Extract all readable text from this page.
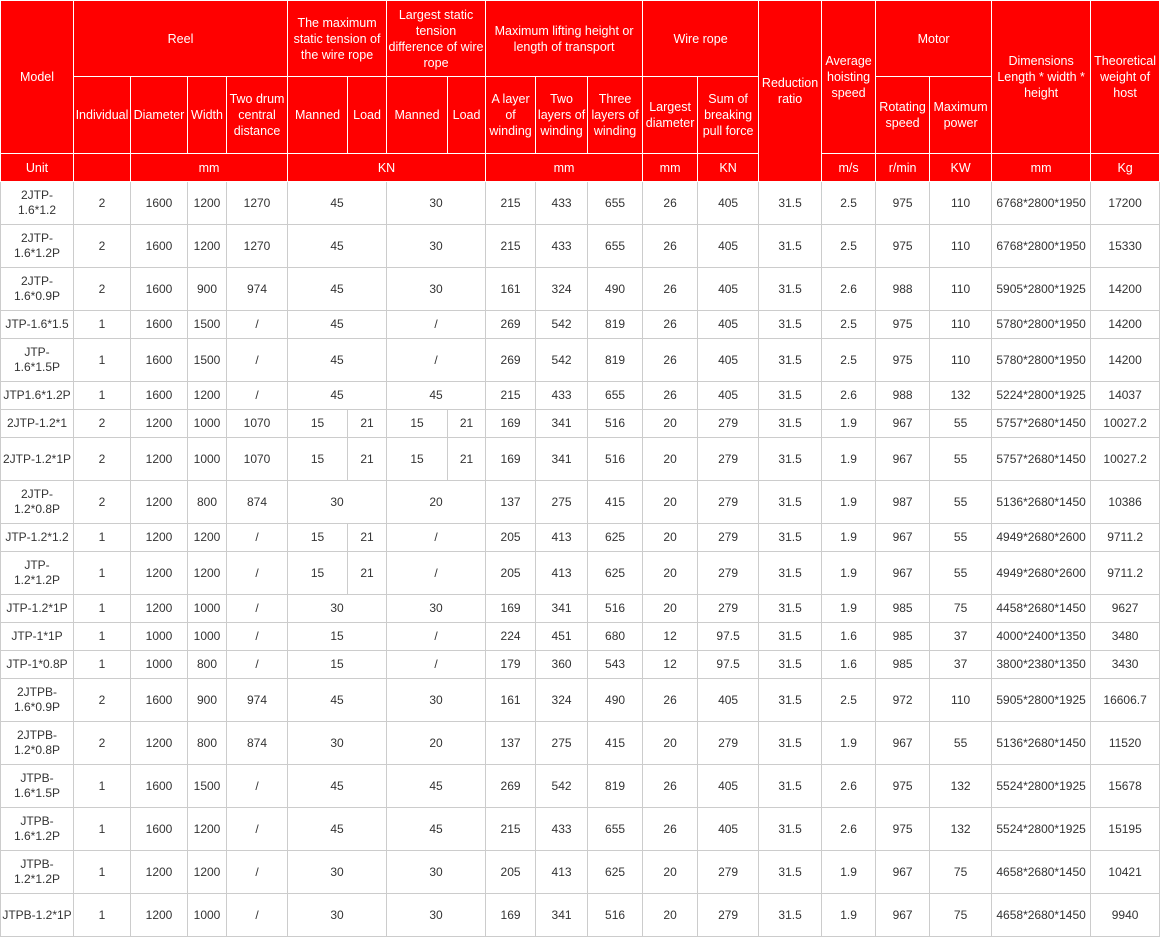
Model	Reel				The maximum static tension of the wire rope		Largest static tension difference of wire rope		Maximum lifting height or length of transport			Wire rope		Reduction ratio	Average hoisting speed	Motor		Dimensions Length * width * height	Theoretical weight of host
	Individual	Diameter	Width	Two drum central distance	Manned	Load	Manned	Load	A layer of winding	Two layers of winding	Three layers of winding	Largest diameter	Sum of breaking pull force			Rotating speed	Maximum power		
Unit		mm			KN				mm			mm	KN		m/s	r/min	KW	mm	Kg
2JTP-1.6*1.2	2	1600	1200	1270	45		30		215	433	655	26	405	31.5	2.5	975	110	6768*2800*1950	17200
2JTP-1.6*1.2P	2	1600	1200	1270	45		30		215	433	655	26	405	31.5	2.5	975	110	6768*2800*1950	15330
2JTP-1.6*0.9P	2	1600	900	974	45		30		161	324	490	26	405	31.5	2.6	988	110	5905*2800*1925	14200
JTP-1.6*1.5	1	1600	1500	/	45		/		269	542	819	26	405	31.5	2.5	975	110	5780*2800*1950	14200
JTP-1.6*1.5P	1	1600	1500	/	45		/		269	542	819	26	405	31.5	2.5	975	110	5780*2800*1950	14200
JTP1.6*1.2P	1	1600	1200	/	45		45		215	433	655	26	405	31.5	2.6	988	132	5224*2800*1925	14037
2JTP-1.2*1	2	1200	1000	1070	15	21	15	21	169	341	516	20	279	31.5	1.9	967	55	5757*2680*1450	10027.2
2JTP-1.2*1P	2	1200	1000	1070	15	21	15	21	169	341	516	20	279	31.5	1.9	967	55	5757*2680*1450	10027.2
2JTP-1.2*0.8P	2	1200	800	874	30		20		137	275	415	20	279	31.5	1.9	987	55	5136*2680*1450	10386
JTP-1.2*1.2	1	1200	1200	/	15	21	/		205	413	625	20	279	31.5	1.9	967	55	4949*2680*2600	9711.2
JTP-1.2*1.2P	1	1200	1200	/	15	21	/		205	413	625	20	279	31.5	1.9	967	55	4949*2680*2600	9711.2
JTP-1.2*1P	1	1200	1000	/	30		30		169	341	516	20	279	31.5	1.9	985	75	4458*2680*1450	9627
JTP-1*1P	1	1000	1000	/	15		/		224	451	680	12	97.5	31.5	1.6	985	37	4000*2400*1350	3480
JTP-1*0.8P	1	1000	800	/	15		/		179	360	543	12	97.5	31.5	1.6	985	37	3800*2380*1350	3430
2JTPB-1.6*0.9P	2	1600	900	974	45		30		161	324	490	26	405	31.5	2.5	972	110	5905*2800*1925	16606.7
2JTPB-1.2*0.8P	2	1200	800	874	30		20		137	275	415	20	279	31.5	1.9	967	55	5136*2680*1450	11520
JTPB-1.6*1.5P	1	1600	1500	/	45		45		269	542	819	26	405	31.5	2.6	975	132	5524*2800*1925	15678
JTPB-1.6*1.2P	1	1600	1200	/	45		45		215	433	655	26	405	31.5	2.6	975	132	5524*2800*1925	15195
JTPB-1.2*1.2P	1	1200	1200	/	30		30		205	413	625	20	279	31.5	1.9	967	75	4658*2680*1450	10421
JTPB-1.2*1P	1	1200	1000	/	30		30		169	341	516	20	279	31.5	1.9	967	75	4658*2680*1450	9940
